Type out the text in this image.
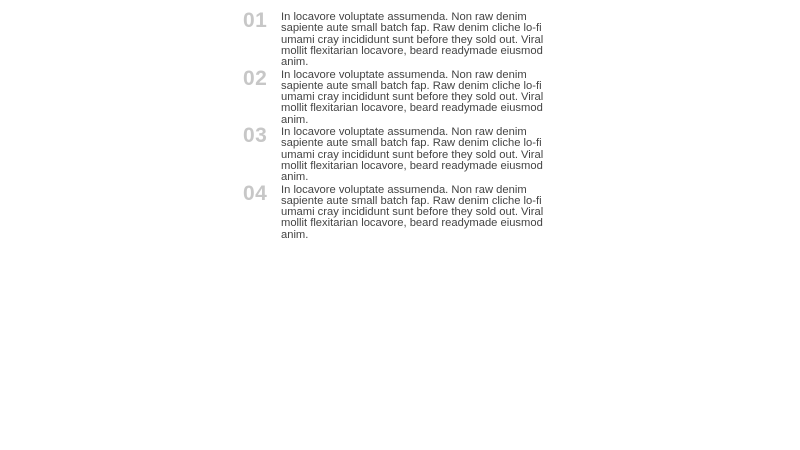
01	In locavore voluptate assumenda. Non raw denim sapiente aute small batch fap. Raw denim cliche lo-fi umami cray incididunt sunt before they sold out. Viral mollit flexitarian locavore, beard readymade eiusmod anim.
02	In locavore voluptate assumenda. Non raw denim sapiente aute small batch fap. Raw denim cliche lo-fi umami cray incididunt sunt before they sold out. Viral mollit flexitarian locavore, beard readymade eiusmod anim.
03	In locavore voluptate assumenda. Non raw denim sapiente aute small batch fap. Raw denim cliche lo-fi umami cray incididunt sunt before they sold out. Viral mollit flexitarian locavore, beard readymade eiusmod anim.
04	In locavore voluptate assumenda. Non raw denim sapiente aute small batch fap. Raw denim cliche lo-fi umami cray incididunt sunt before they sold out. Viral mollit flexitarian locavore, beard readymade eiusmod anim.
